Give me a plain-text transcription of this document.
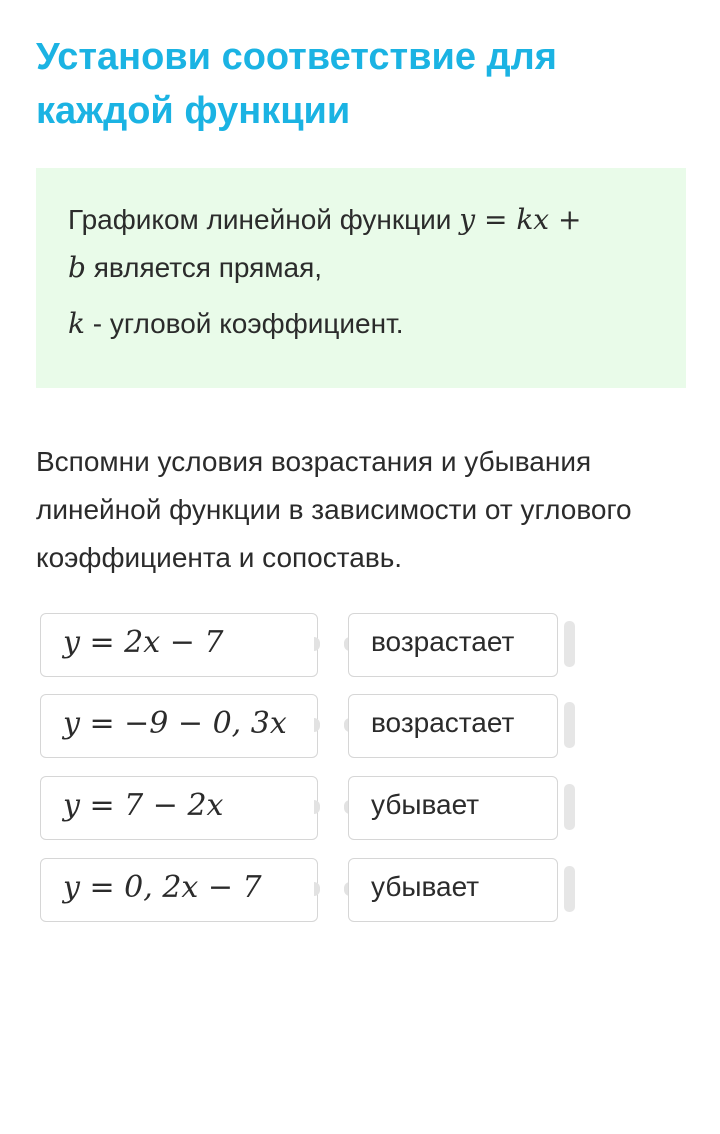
Установи соответствие для каждой функции

Графиком линейной функции y = kx +

b является прямая,

k - угловой коэффициент.

Вспомни условия возрастания и убывания линейной функции в зависимости от углового коэффициента и сопоставь.

y = 2x − 7	возрастает
y = −9 − 0, 3x	возрастает
y = 7 − 2x	убывает
y = 0, 2x − 7	убывает
